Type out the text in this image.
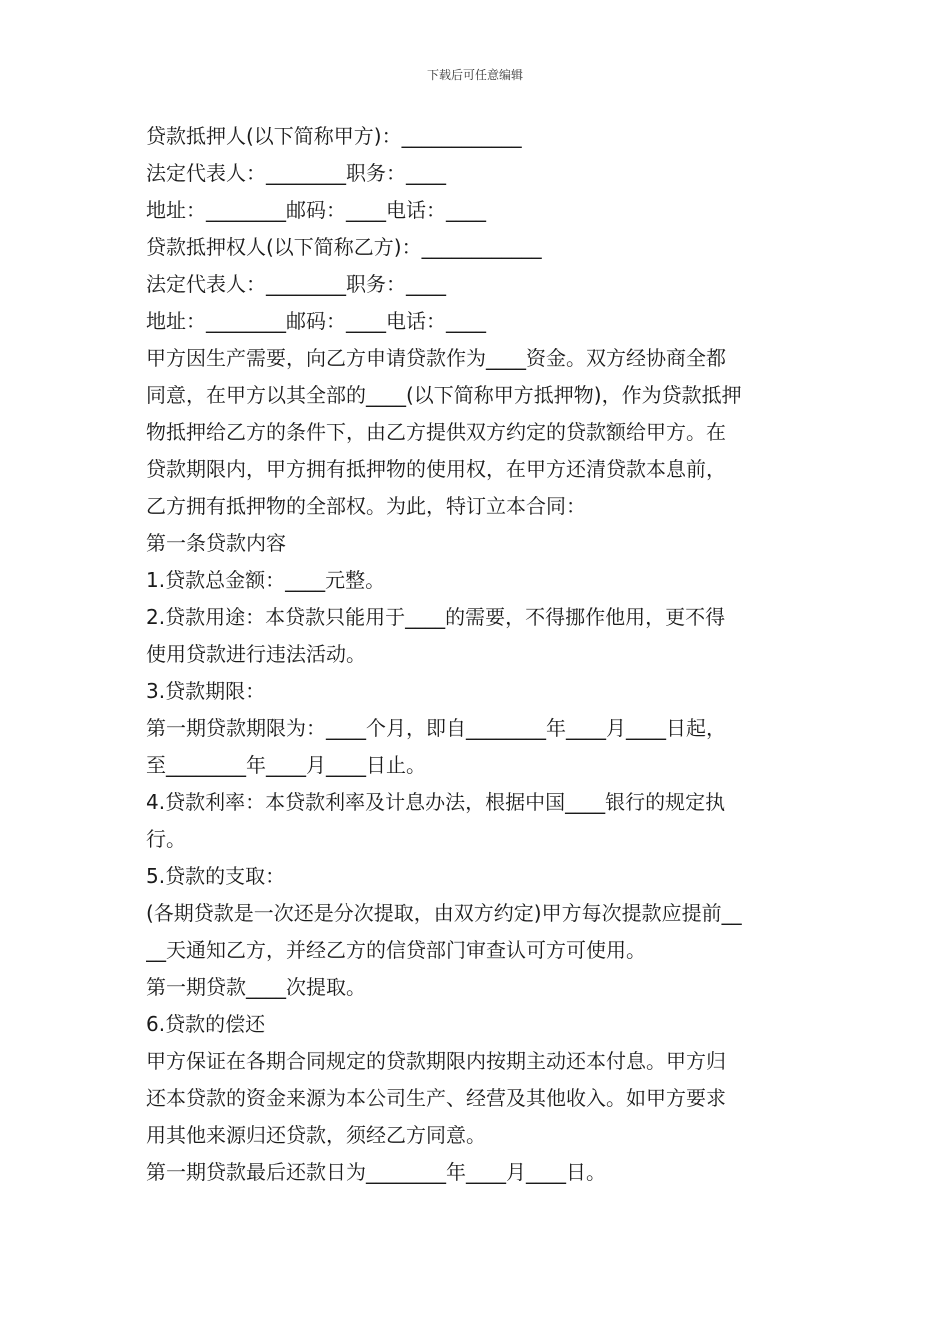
下载后可任意编辑
贷款抵押人(以下简称甲方)：____________
法定代表人：________职务：____
地址：________邮码：____电话：____
贷款抵押权人(以下简称乙方)：____________
法定代表人：________职务：____
地址：________邮码：____电话：____
甲方因生产需要，向乙方申请贷款作为____资金。双方经协商全都
同意，在甲方以其全部的____(以下简称甲方抵押物)，作为贷款抵押
物抵押给乙方的条件下，由乙方提供双方约定的贷款额给甲方。在
贷款期限内，甲方拥有抵押物的使用权，在甲方还清贷款本息前，
乙方拥有抵押物的全部权。为此，特订立本合同：
第一条贷款内容
1.贷款总金额：____元整。
2.贷款用途：本贷款只能用于____的需要，不得挪作他用，更不得
使用贷款进行违法活动。
3.贷款期限：
第一期贷款期限为：____个月，即自________年____月____日起，
至________年____月____日止。
4.贷款利率：本贷款利率及计息办法，根据中国____银行的规定执
行。
5.贷款的支取：
(各期贷款是一次还是分次提取，由双方约定)甲方每次提款应提前__
__天通知乙方，并经乙方的信贷部门审查认可方可使用。
第一期贷款____次提取。
6.贷款的偿还
甲方保证在各期合同规定的贷款期限内按期主动还本付息。甲方归
还本贷款的资金来源为本公司生产、经营及其他收入。如甲方要求
用其他来源归还贷款，须经乙方同意。
第一期贷款最后还款日为________年____月____日。
